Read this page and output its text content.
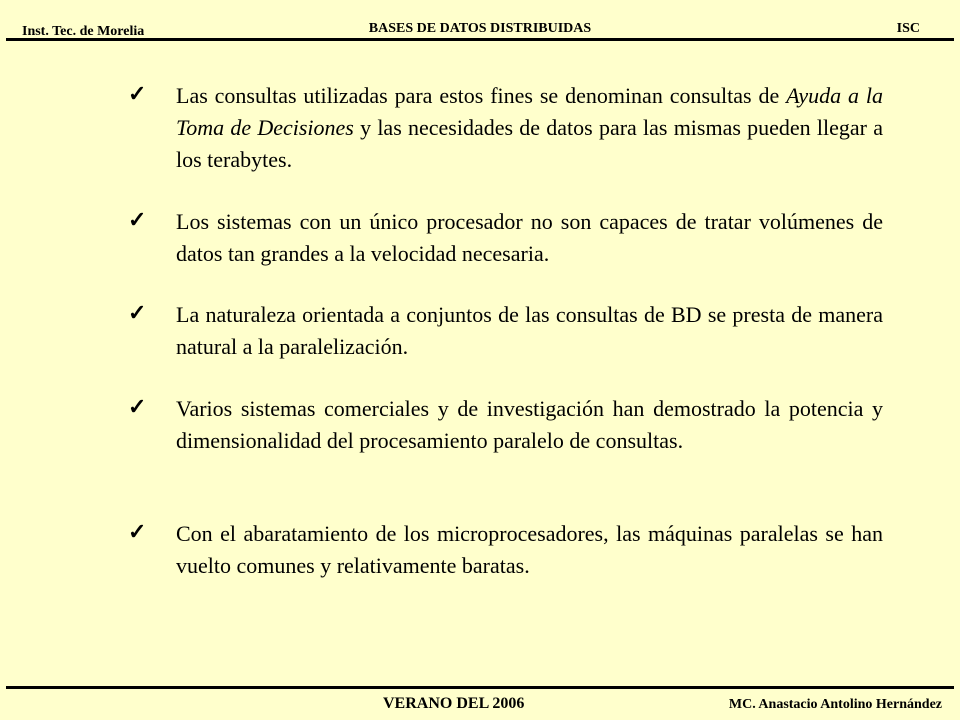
Inst. Tec. de Morelia	BASES DE DATOS DISTRIBUIDAS	ISC
✓ Las consultas utilizadas para estos fines se denominan consultas de Ayuda a la Toma de Decisiones y las necesidades de datos para las mismas pueden llegar a los terabytes.

✓ Los sistemas con un único procesador no son capaces de tratar volúmenes de datos tan grandes a la velocidad necesaria.

✓ La naturaleza orientada a conjuntos de las consultas de BD se presta de manera natural a la paralelización.

✓ Varios sistemas comerciales y de investigación han demostrado la potencia y dimensionalidad del procesamiento paralelo de consultas.

✓ Con el abaratamiento de los microprocesadores, las máquinas paralelas se han vuelto comunes y relativamente baratas.

VERANO DEL 2006	MC. Anastacio Antolino Hernández
